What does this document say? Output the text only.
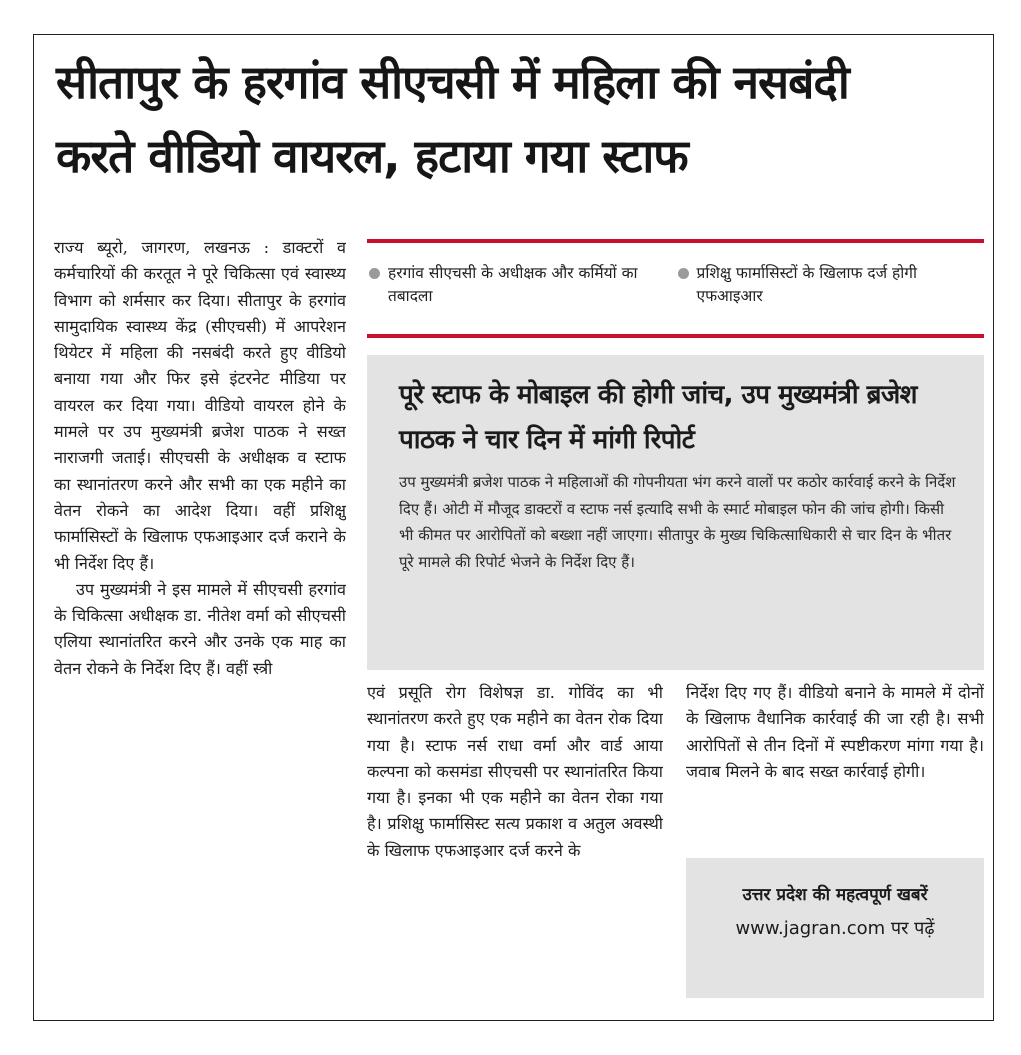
सीतापुर के हरगांव सीएचसी में महिला की नसबंदी
करते वीडियो वायरल, हटाया गया स्टाफ

राज्य ब्यूरो, जागरण, लखनऊ : डाक्टरों व कर्मचारियों की करतूत ने पूरे चिकित्सा एवं स्वास्थ्य विभाग को शर्मसार कर दिया। सीतापुर के हरगांव सामुदायिक स्वास्थ्य केंद्र (सीएचसी) में आपरेशन थियेटर में महिला की नसबंदी करते हुए वीडियो बनाया गया और फिर इसे इंटरनेट मीडिया पर वायरल कर दिया गया। वीडियो वायरल होने के मामले पर उप मुख्यमंत्री ब्रजेश पाठक ने सख्त नाराजगी जताई। सीएचसी के अधीक्षक व स्टाफ का स्थानांतरण करने और सभी का एक महीने का वेतन रोकने का आदेश दिया। वहीं प्रशिक्षु फार्मासिस्टों के खिलाफ एफआइआर दर्ज कराने के भी निर्देश दिए हैं।

उप मुख्यमंत्री ने इस मामले में सीएचसी हरगांव के चिकित्सा अधीक्षक डा. नीतेश वर्मा को सीएचसी एलिया स्थानांतरित करने और उनके एक माह का वेतन रोकने के निर्देश दिए हैं। वहीं स्त्री

हरगांव सीएचसी के अधीक्षक और कर्मियों का तबादला
प्रशिक्षु फार्मासिस्टों के खिलाफ दर्ज होगी एफआइआर
पूरे स्टाफ के मोबाइल की होगी जांच, उप मुख्यमंत्री ब्रजेश पाठक ने चार दिन में मांगी रिपोर्ट

उप मुख्यमंत्री ब्रजेश पाठक ने महिलाओं की गोपनीयता भंग करने वालों पर कठोर कार्रवाई करने के निर्देश दिए हैं। ओटी में मौजूद डाक्टरों व स्टाफ नर्स इत्यादि सभी के स्मार्ट मोबाइल फोन की जांच होगी। किसी भी कीमत पर आरोपितों को बख्शा नहीं जाएगा। सीतापुर के मुख्य चिकित्साधिकारी से चार दिन के भीतर पूरे मामले की रिपोर्ट भेजने के निर्देश दिए हैं।

एवं प्रसूति रोग विशेषज्ञ डा. गोविंद का भी स्थानांतरण करते हुए एक महीने का वेतन रोक दिया गया है। स्टाफ नर्स राधा वर्मा और वार्ड आया कल्पना को कसमंडा सीएचसी पर स्थानांतरित किया गया है। इनका भी एक महीने का वेतन रोका गया है। प्रशिक्षु फार्मासिस्ट सत्य प्रकाश व अतुल अवस्थी के खिलाफ एफआइआर दर्ज करने के

निर्देश दिए गए हैं। वीडियो बनाने के मामले में दोनों के खिलाफ वैधानिक कार्रवाई की जा रही है। सभी आरोपितों से तीन दिनों में स्पष्टीकरण मांगा गया है। जवाब मिलने के बाद सख्त कार्रवाई होगी।

उत्तर प्रदेश की महत्वपूर्ण खबरें
www.jagran.com पर पढ़ें
